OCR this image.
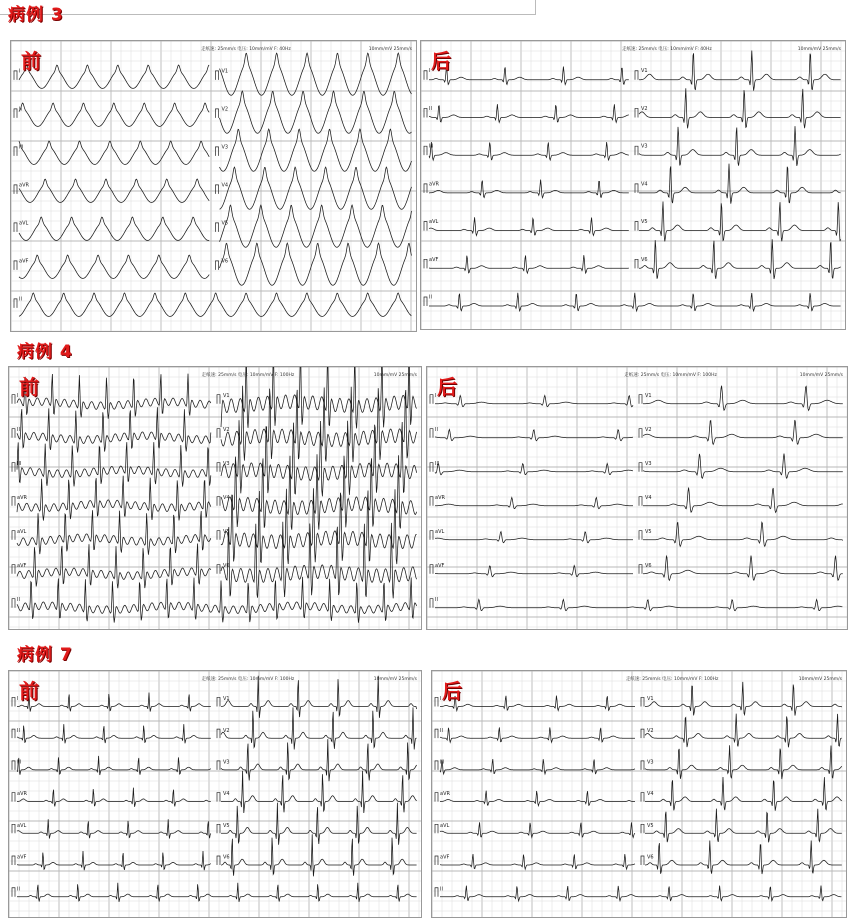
病例 3
走纸速: 25mm/s 电压: 10mm/mV F: 40Hz	10mm/mV 25mm/s
I	V1
II	V2
III	V3
aVR	V4
aVL	V5
aVF	V6
II
前	走纸速: 25mm/s 电压: 10mm/mV F: 40Hz	10mm/mV 25mm/s
I	V1
II	V2
III	V3
aVR	V4
aVL	V5
aVF	V6
II
后
病例 4
走纸速: 25mm/s 电压: 10mm/mV F: 100Hz	10mm/mV 25mm/s
I	V1
II	V2
III	V3
aVR	V4
aVL	V5
aVF	V6
II
前	走纸速: 25mm/s 电压: 10mm/mV F: 100Hz	10mm/mV 25mm/s
I	V1
II	V2
III	V3
aVR	V4
aVL	V5
aVF	V6
II
后
病例 7
走纸速: 25mm/s 电压: 10mm/mV F: 100Hz	10mm/mV 25mm/s
I	V1
II	V2
III	V3
aVR	V4
aVL	V5
aVF	V6
II
前	走纸速: 25mm/s 电压: 10mm/mV F: 100Hz	10mm/mV 25mm/s
I	V1
II	V2
III	V3
aVR	V4
aVL	V5
aVF	V6
II
后
